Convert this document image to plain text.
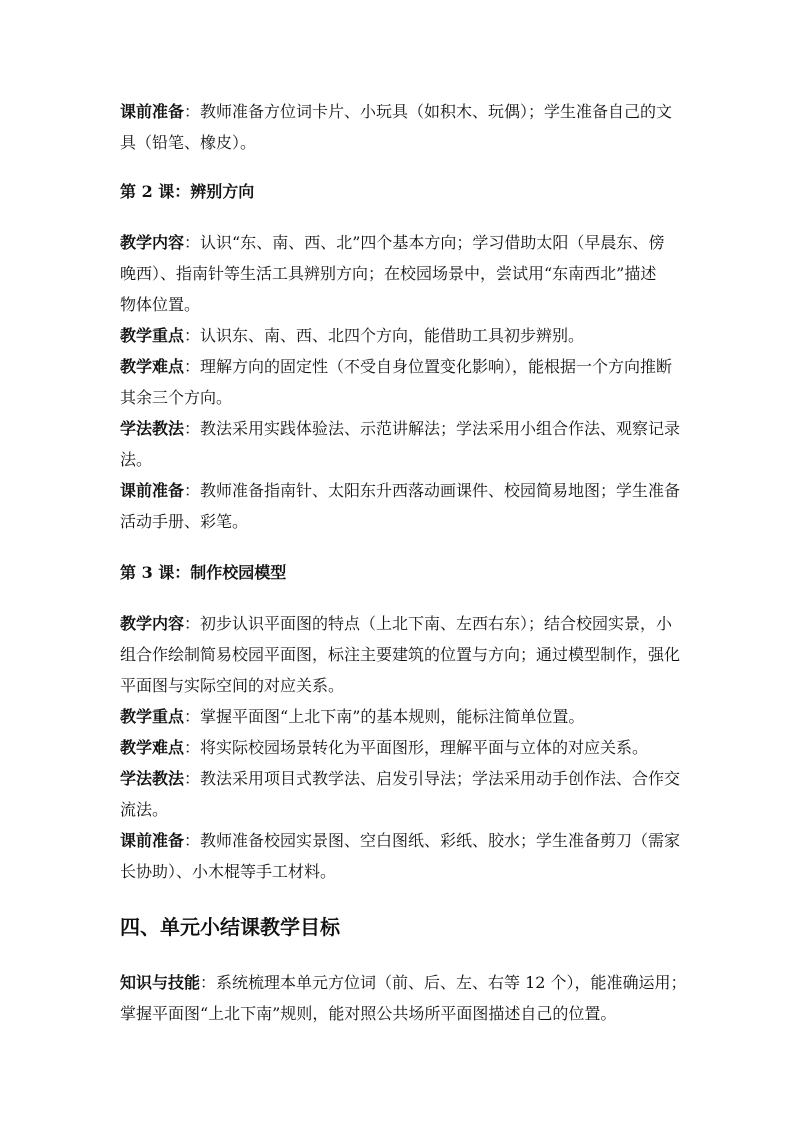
课前准备：教师准备方位词卡片、小玩具（如积木、玩偶）；学生准备自己的文
具（铅笔、橡皮）。
第 2 课：辨别方向
教学内容：认识“东、南、西、北”四个基本方向；学习借助太阳（早晨东、傍
晚西）、指南针等生活工具辨别方向；在校园场景中，尝试用“东南西北”描述
物体位置。
教学重点：认识东、南、西、北四个方向，能借助工具初步辨别。
教学难点：理解方向的固定性（不受自身位置变化影响），能根据一个方向推断
其余三个方向。
学法教法：教法采用实践体验法、示范讲解法；学法采用小组合作法、观察记录
法。
课前准备：教师准备指南针、太阳东升西落动画课件、校园简易地图；学生准备
活动手册、彩笔。
第 3 课：制作校园模型
教学内容：初步认识平面图的特点（上北下南、左西右东）；结合校园实景，小
组合作绘制简易校园平面图，标注主要建筑的位置与方向；通过模型制作，强化
平面图与实际空间的对应关系。
教学重点：掌握平面图“上北下南”的基本规则，能标注简单位置。
教学难点：将实际校园场景转化为平面图形，理解平面与立体的对应关系。
学法教法：教法采用项目式教学法、启发引导法；学法采用动手创作法、合作交
流法。
课前准备：教师准备校园实景图、空白图纸、彩纸、胶水；学生准备剪刀（需家
长协助）、小木棍等手工材料。
四、单元小结课教学目标
知识与技能：系统梳理本单元方位词（前、后、左、右等 12 个），能准确运用；
掌握平面图“上北下南”规则，能对照公共场所平面图描述自己的位置。
